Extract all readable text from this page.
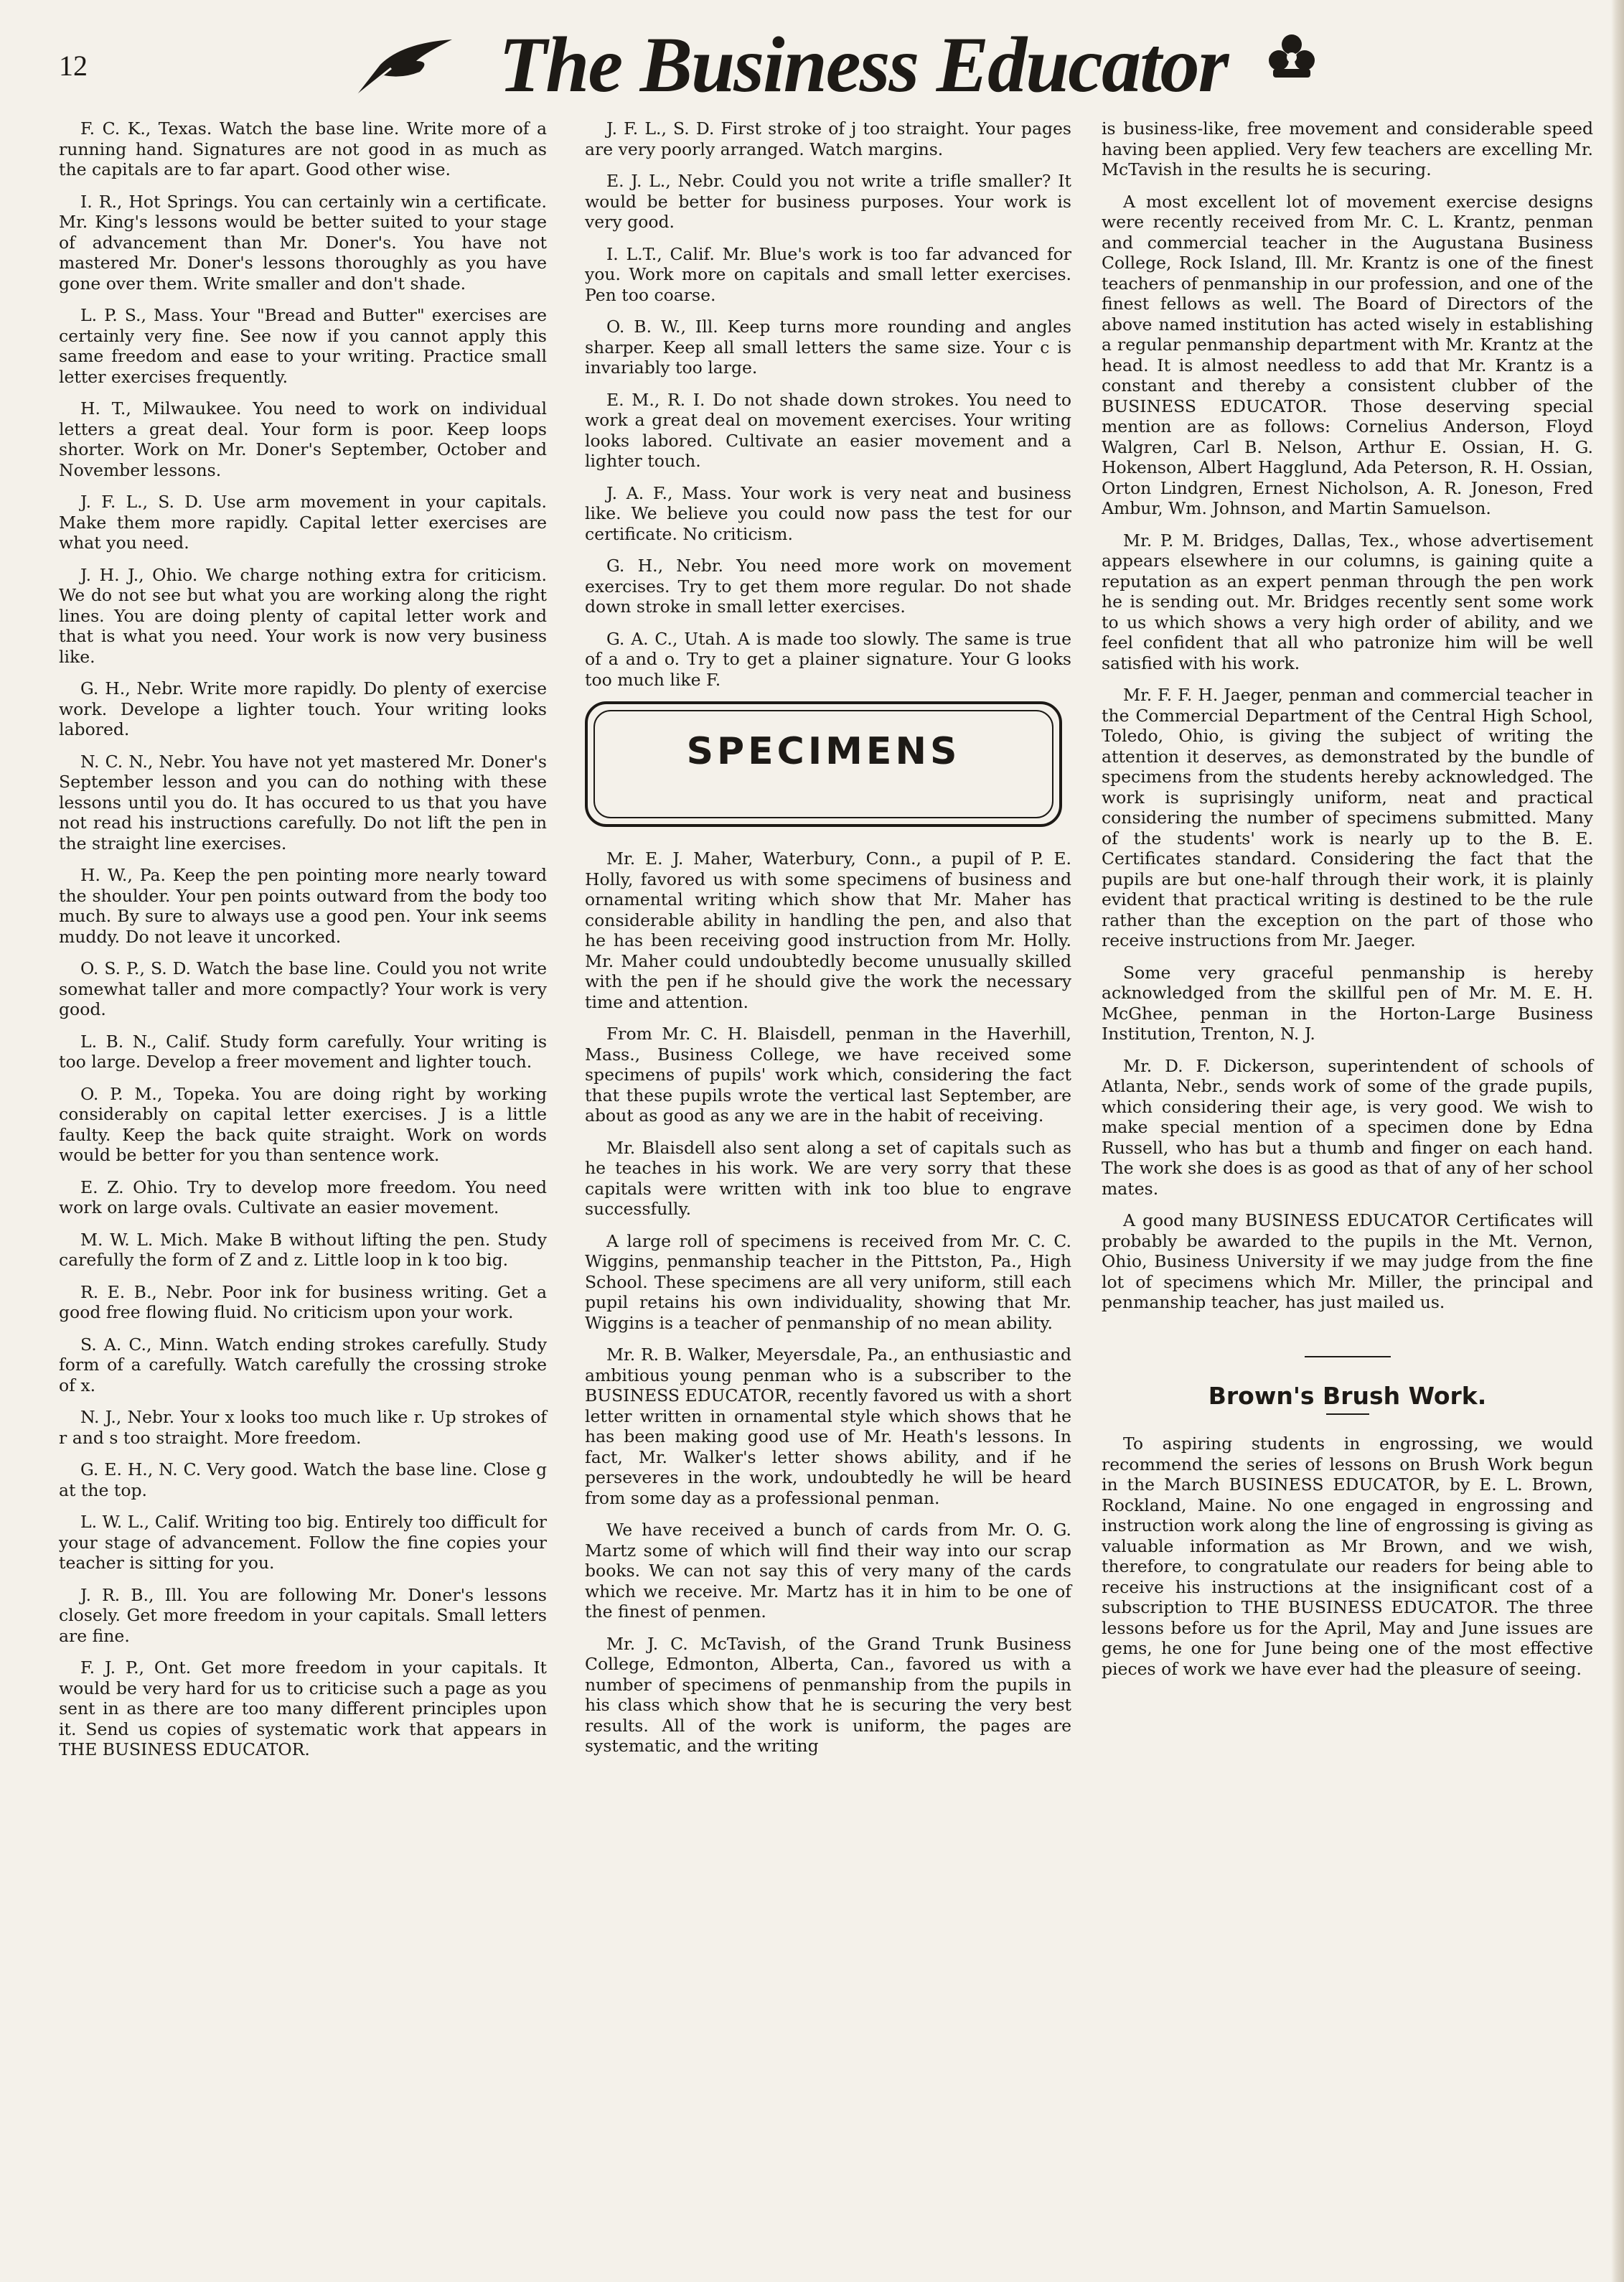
12	The Business Educator

F. C. K., Texas. Watch the base line. Write more of a running hand. Signatures are not good in as much as the capitals are to far apart. Good other wise.

I. R., Hot Springs. You can certainly win a certificate. Mr. King's lessons would be better suited to your stage of advancement than Mr. Doner's. You have not mastered Mr. Doner's lessons thoroughly as you have gone over them. Write smaller and don't shade.

L. P. S., Mass. Your "Bread and Butter" exercises are certainly very fine. See now if you cannot apply this same freedom and ease to your writing. Practice small letter exercises frequently.

H. T., Milwaukee. You need to work on individual letters a great deal. Your form is poor. Keep loops shorter. Work on Mr. Doner's September, October and November lessons.

J. F. L., S. D. Use arm movement in your capitals. Make them more rapidly. Capital letter exercises are what you need.

J. H. J., Ohio. We charge nothing extra for criticism. We do not see but what you are working along the right lines. You are doing plenty of capital letter work and that is what you need. Your work is now very business like.

G. H., Nebr. Write more rapidly. Do plenty of exercise work. Develope a lighter touch. Your writing looks labored.

N. C. N., Nebr. You have not yet mastered Mr. Doner's September lesson and you can do nothing with these lessons until you do. It has occured to us that you have not read his instructions carefully. Do not lift the pen in the straight line exercises.

H. W., Pa. Keep the pen pointing more nearly toward the shoulder. Your pen points outward from the body too much. By sure to always use a good pen. Your ink seems muddy. Do not leave it uncorked.

O. S. P., S. D. Watch the base line. Could you not write somewhat taller and more compactly? Your work is very good.

L. B. N., Calif. Study form carefully. Your writing is too large. Develop a freer movement and lighter touch.

O. P. M., Topeka. You are doing right by working considerably on capital letter exercises. J is a little faulty. Keep the back quite straight. Work on words would be better for you than sentence work.

E. Z. Ohio. Try to develop more freedom. You need work on large ovals. Cultivate an easier movement.

M. W. L. Mich. Make B without lifting the pen. Study carefully the form of Z and z. Little loop in k too big.

R. E. B., Nebr. Poor ink for business writing. Get a good free flowing fluid. No criticism upon your work.

S. A. C., Minn. Watch ending strokes carefully. Study form of a carefully. Watch carefully the crossing stroke of x.

N. J., Nebr. Your x looks too much like r. Up strokes of r and s too straight. More freedom.

G. E. H., N. C. Very good. Watch the base line. Close g at the top.

L. W. L., Calif. Writing too big. Entirely too difficult for your stage of advancement. Follow the fine copies your teacher is sitting for you.

J. R. B., Ill. You are following Mr. Doner's lessons closely. Get more freedom in your capitals. Small letters are fine.

F. J. P., Ont. Get more freedom in your capitals. It would be very hard for us to criticise such a page as you sent in as there are too many different principles upon it. Send us copies of systematic work that appears in THE BUSINESS EDUCATOR.

J. F. L., S. D. First stroke of j too straight. Your pages are very poorly arranged. Watch margins.

E. J. L., Nebr. Could you not write a trifle smaller? It would be better for business purposes. Your work is very good.

I. L.T., Calif. Mr. Blue's work is too far advanced for you. Work more on capitals and small letter exercises. Pen too coarse.

O. B. W., Ill. Keep turns more rounding and angles sharper. Keep all small letters the same size. Your c is invariably too large.

E. M., R. I. Do not shade down strokes. You need to work a great deal on movement exercises. Your writing looks labored. Cultivate an easier movement and a lighter touch.

J. A. F., Mass. Your work is very neat and business like. We believe you could now pass the test for our certificate. No criticism.

G. H., Nebr. You need more work on movement exercises. Try to get them more regular. Do not shade down stroke in small letter exercises.

G. A. C., Utah. A is made too slowly. The same is true of a and o. Try to get a plainer signature. Your G looks too much like F.

SPECIMENS

Mr. E. J. Maher, Waterbury, Conn., a pupil of P. E. Holly, favored us with some specimens of business and ornamental writing which show that Mr. Maher has considerable ability in handling the pen, and also that he has been receiving good instruction from Mr. Holly. Mr. Maher could undoubtedly become unusually skilled with the pen if he should give the work the necessary time and attention.

From Mr. C. H. Blaisdell, penman in the Haverhill, Mass., Business College, we have received some specimens of pupils' work which, considering the fact that these pupils wrote the vertical last September, are about as good as any we are in the habit of receiving.

Mr. Blaisdell also sent along a set of capitals such as he teaches in his work. We are very sorry that these capitals were written with ink too blue to engrave successfully.

A large roll of specimens is received from Mr. C. C. Wiggins, penmanship teacher in the Pittston, Pa., High School. These specimens are all very uniform, still each pupil retains his own individuality, showing that Mr. Wiggins is a teacher of penmanship of no mean ability.

Mr. R. B. Walker, Meyersdale, Pa., an enthusiastic and ambitious young penman who is a subscriber to the BUSINESS EDUCATOR, recently favored us with a short letter written in ornamental style which shows that he has been making good use of Mr. Heath's lessons. In fact, Mr. Walker's letter shows ability, and if he perseveres in the work, undoubtedly he will be heard from some day as a professional penman.

We have received a bunch of cards from Mr. O. G. Martz some of which will find their way into our scrap books. We can not say this of very many of the cards which we receive. Mr. Martz has it in him to be one of the finest of penmen.

Mr. J. C. McTavish, of the Grand Trunk Business College, Edmonton, Alberta, Can., favored us with a number of specimens of penmanship from the pupils in his class which show that he is securing the very best results. All of the work is uniform, the pages are systematic, and the writing

is business-like, free movement and considerable speed having been applied. Very few teachers are excelling Mr. McTavish in the results he is securing.

A most excellent lot of movement exercise designs were recently received from Mr. C. L. Krantz, penman and commercial teacher in the Augustana Business College, Rock Island, Ill. Mr. Krantz is one of the finest teachers of penmanship in our profession, and one of the finest fellows as well. The Board of Directors of the above named institution has acted wisely in establishing a regular penmanship department with Mr. Krantz at the head. It is almost needless to add that Mr. Krantz is a constant and thereby a consistent clubber of the BUSINESS EDUCATOR. Those deserving special mention are as follows: Cornelius Anderson, Floyd Walgren, Carl B. Nelson, Arthur E. Ossian, H. G. Hokenson, Albert Hagglund, Ada Peterson, R. H. Ossian, Orton Lindgren, Ernest Nicholson, A. R. Joneson, Fred Ambur, Wm. Johnson, and Martin Samuelson.

Mr. P. M. Bridges, Dallas, Tex., whose advertisement appears elsewhere in our columns, is gaining quite a reputation as an expert penman through the pen work he is sending out. Mr. Bridges recently sent some work to us which shows a very high order of ability, and we feel confident that all who patronize him will be well satisfied with his work.

Mr. F. F. H. Jaeger, penman and commercial teacher in the Commercial Department of the Central High School, Toledo, Ohio, is giving the subject of writing the attention it deserves, as demonstrated by the bundle of specimens from the students hereby acknowledged. The work is suprisingly uniform, neat and practical considering the number of specimens submitted. Many of the students' work is nearly up to the B. E. Certificates standard. Considering the fact that the pupils are but one-half through their work, it is plainly evident that practical writing is destined to be the rule rather than the exception on the part of those who receive instructions from Mr. Jaeger.

Some very graceful penmanship is hereby acknowledged from the skillful pen of Mr. M. E. H. McGhee, penman in the Horton-Large Business Institution, Trenton, N. J.

Mr. D. F. Dickerson, superintendent of schools of Atlanta, Nebr., sends work of some of the grade pupils, which considering their age, is very good. We wish to make special mention of a specimen done by Edna Russell, who has but a thumb and finger on each hand. The work she does is as good as that of any of her school mates.

A good many BUSINESS EDUCATOR Certificates will probably be awarded to the pupils in the Mt. Vernon, Ohio, Business University if we may judge from the fine lot of specimens which Mr. Miller, the principal and penmanship teacher, has just mailed us.

Brown's Brush Work.

To aspiring students in engrossing, we would recommend the series of lessons on Brush Work begun in the March BUSINESS EDUCATOR, by E. L. Brown, Rockland, Maine. No one engaged in engrossing and instruction work along the line of engrossing is giving as valuable information as Mr Brown, and we wish, therefore, to congratulate our readers for being able to receive his instructions at the insignificant cost of a subscription to THE BUSINESS EDUCATOR. The three lessons before us for the April, May and June issues are gems, he one for June being one of the most effective pieces of work we have ever had the pleasure of seeing.
